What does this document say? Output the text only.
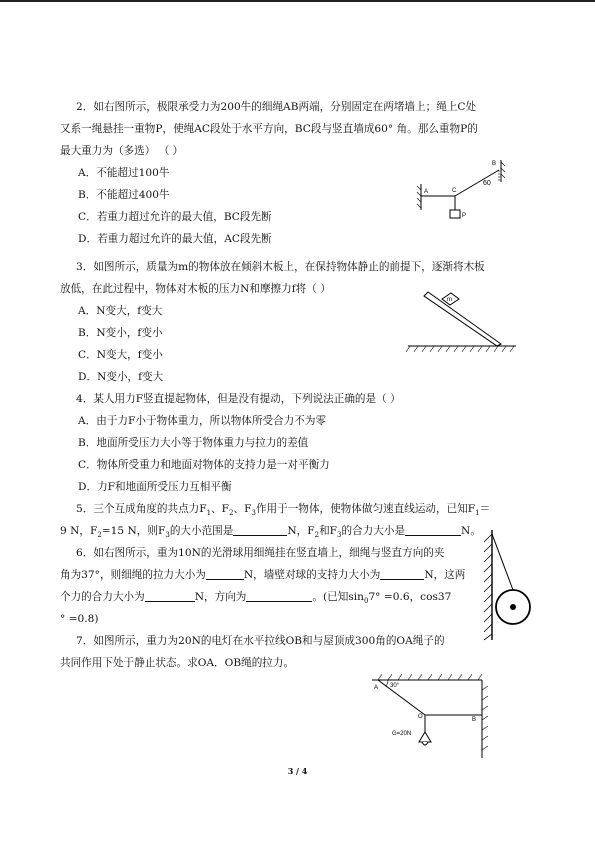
2．如右图所示，极限承受力为200牛的细绳AB两端，分别固定在两堵墙上；绳上C处
又系一绳悬挂一重物P，使绳AC段处于水平方向，BC段与竖直墙成60° 角。那么重物P的
最大重力为（多选） （ ）
A．不能超过100牛
B．不能超过400牛
C．若重力超过允许的最大值，BC段先断
D．若重力超过允许的最大值，AC段先断
A	C
P
B
60
3．如图所示，质量为m的物体放在倾斜木板上，在保持物体静止的前提下，逐渐将木板
放低，在此过程中，物体对木板的压力N和摩擦力f将（ ）
A．N变大，f变大
B．N变小，f变小
C．N变大，f变小
D．N变小，f变大
m
4．某人用力F竖直提起物体，但是没有提动，下列说法正确的是（ ）
A．由于力F小于物体重力，所以物体所受合力不为零
B．地面所受压力大小等于物体重力与拉力的差值
C．物体所受重力和地面对物体的支持力是一对平衡力
D．力F和地面所受压力互相平衡
5．三个互成角度的共点力$F_1$、$F_2$、$F_3$作用于一物体，使物体做匀速直线运动，已知$F_1=$
9 N，$F_2=15$ N，则$F_3$的大小范围是	N，$F_2$和$F_3$的合力大小是	N。
6．如右图所示，重为10N的光滑球用细绳挂在竖直墙上，细绳与竖直方向的夹
角为37°，则细绳的拉力大小为	N，墙壁对球的支持力大小为	N，这两
个力的合力大小为	N，方向为	。(已知$\sin_07^\circ =0.6$，cos37
° =0.8)
7．如图所示，重力为20N的电灯在水平拉线OB和与屋顶成300角的OA绳子的
共同作用下处于静止状态。求OA．OB绳的拉力。
A 30°
O	B
G=20N
3 / 4
